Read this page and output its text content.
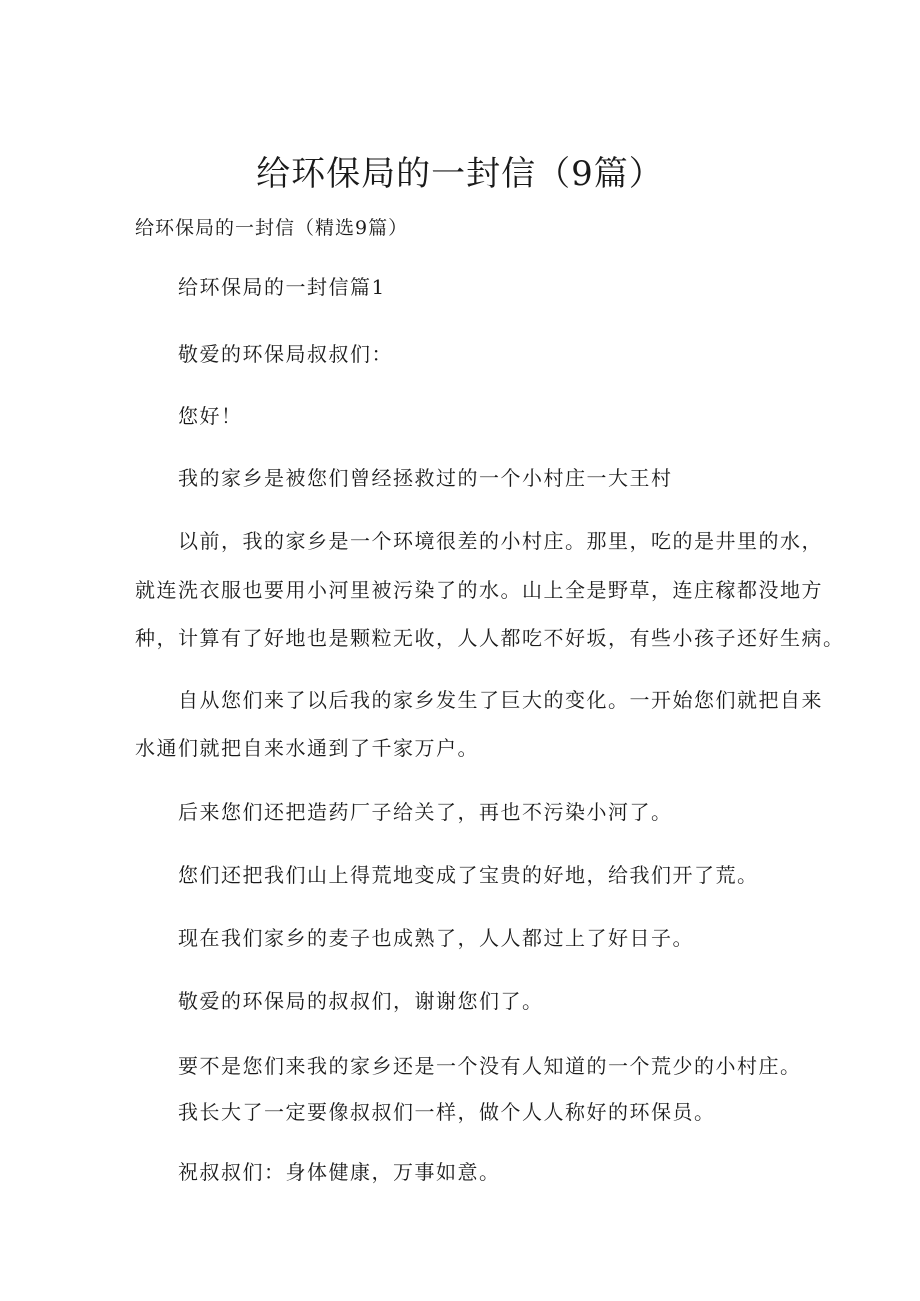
给环保局的一封信（9篇）
给环保局的一封信（精选9篇）
给环保局的一封信篇1
敬爱的环保局叔叔们：
您好！
我的家乡是被您们曾经拯救过的一个小村庄一大王村
以前，我的家乡是一个环境很差的小村庄。那里，吃的是井里的水，
就连洗衣服也要用小河里被污染了的水。山上全是野草，连庄稼都没地方
种，计算有了好地也是颗粒无收，人人都吃不好坂，有些小孩子还好生病。
自从您们来了以后我的家乡发生了巨大的变化。一开始您们就把自来
水通们就把自来水通到了千家万户。
后来您们还把造药厂子给关了，再也不污染小河了。
您们还把我们山上得荒地变成了宝贵的好地，给我们开了荒。
现在我们家乡的麦子也成熟了，人人都过上了好日子。
敬爱的环保局的叔叔们，谢谢您们了。
要不是您们来我的家乡还是一个没有人知道的一个荒少的小村庄。
我长大了一定要像叔叔们一样，做个人人称好的环保员。
祝叔叔们：身体健康，万事如意。
